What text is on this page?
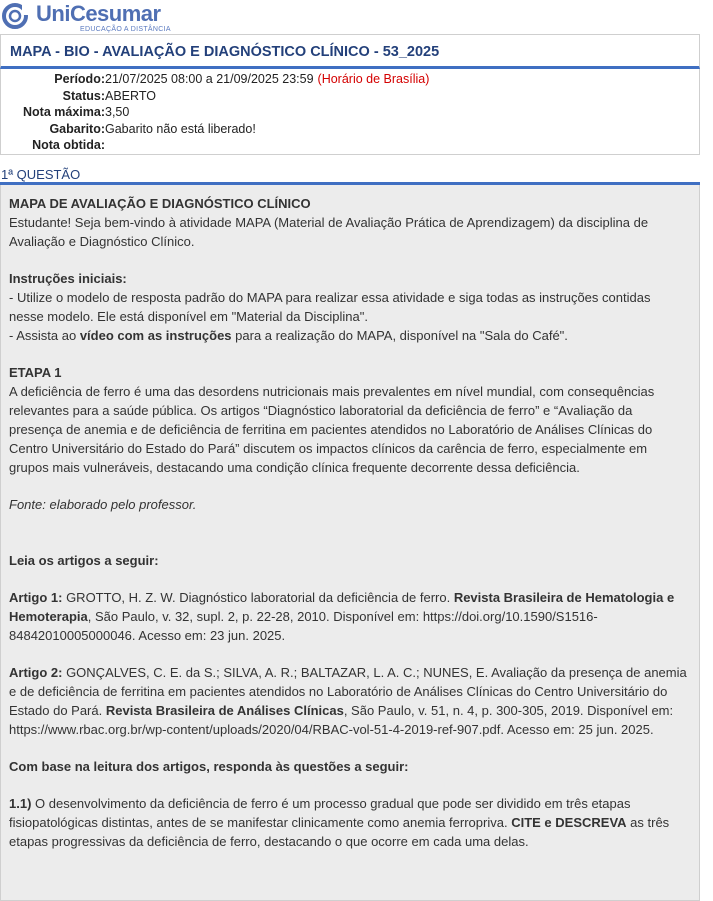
UniCesumar
EDUCAÇÃO A DISTÂNCIA
MAPA - BIO - AVALIAÇÃO E DIAGNÓSTICO CLÍNICO - 53_2025
Período: 21/07/2025 08:00 a 21/09/2025 23:59 (Horário de Brasília)
Status: ABERTO
Nota máxima: 3,50
Gabarito: Gabarito não está liberado!
Nota obtida:
1ª QUESTÃO

MAPA DE AVALIAÇÃO E DIAGNÓSTICO CLÍNICO

Estudante! Seja bem-vindo à atividade MAPA (Material de Avaliação Prática de Aprendizagem) da disciplina de Avaliação e Diagnóstico Clínico.

Instruções iniciais:

- Utilize o modelo de resposta padrão do MAPA para realizar essa atividade e siga todas as instruções contidas nesse modelo. Ele está disponível em "Material da Disciplina".

- Assista ao vídeo com as instruções para a realização do MAPA, disponível na "Sala do Café".

ETAPA 1

A deficiência de ferro é uma das desordens nutricionais mais prevalentes em nível mundial, com consequências relevantes para a saúde pública. Os artigos “Diagnóstico laboratorial da deficiência de ferro” e “Avaliação da presença de anemia e de deficiência de ferritina em pacientes atendidos no Laboratório de Análises Clínicas do Centro Universitário do Estado do Pará” discutem os impactos clínicos da carência de ferro, especialmente em grupos mais vulneráveis, destacando uma condição clínica frequente decorrente dessa deficiência.

Fonte: elaborado pelo professor.

Leia os artigos a seguir:

Artigo 1: GROTTO, H. Z. W. Diagnóstico laboratorial da deficiência de ferro. Revista Brasileira de Hematologia e Hemoterapia, São Paulo, v. 32, supl. 2, p. 22-28, 2010. Disponível em: https://doi.org/10.1590/S1516-84842010005000046. Acesso em: 23 jun. 2025.

Artigo 2: GONÇALVES, C. E. da S.; SILVA, A. R.; BALTAZAR, L. A. C.; NUNES, E. Avaliação da presença de anemia e de deficiência de ferritina em pacientes atendidos no Laboratório de Análises Clínicas do Centro Universitário do Estado do Pará. Revista Brasileira de Análises Clínicas, São Paulo, v. 51, n. 4, p. 300-305, 2019. Disponível em: https://www.rbac.org.br/wp-content/uploads/2020/04/RBAC-vol-51-4-2019-ref-907.pdf. Acesso em: 25 jun. 2025.

Com base na leitura dos artigos, responda às questões a seguir:

1.1) O desenvolvimento da deficiência de ferro é um processo gradual que pode ser dividido em três etapas fisiopatológicas distintas, antes de se manifestar clinicamente como anemia ferropriva. CITE e DESCREVA as três etapas progressivas da deficiência de ferro, destacando o que ocorre em cada uma delas.
